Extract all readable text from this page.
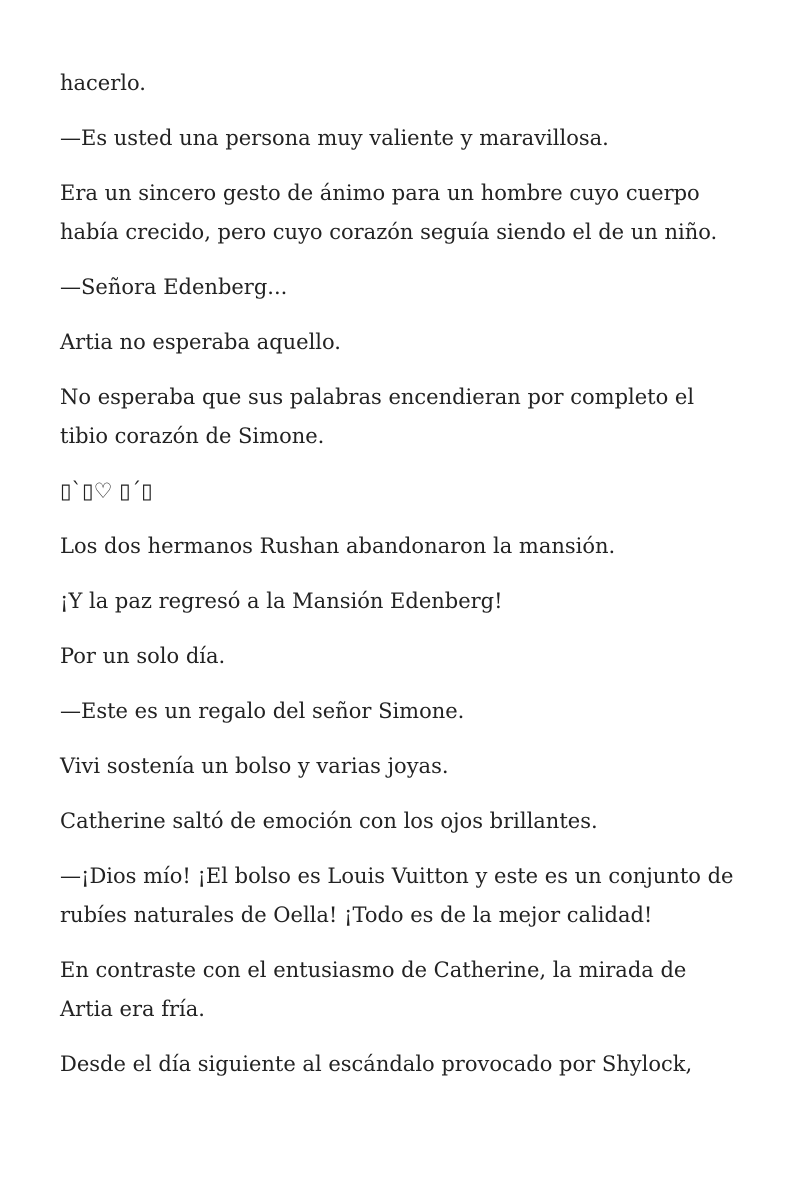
hacerlo.

—Es usted una persona muy valiente y maravillosa.

Era un sincero gesto de ánimo para un hombre cuyo cuerpo había crecido, pero cuyo corazón seguía siendo el de un niño.

—Señora Edenberg...

Artia no esperaba aquello.

No esperaba que sus palabras encendieran por completo el tibio corazón de Simone.

▯`▯♡ ▯´▯

Los dos hermanos Rushan abandonaron la mansión.

¡Y la paz regresó a la Mansión Edenberg!

Por un solo día.

—Este es un regalo del señor Simone.

Vivi sostenía un bolso y varias joyas.

Catherine saltó de emoción con los ojos brillantes.

—¡Dios mío! ¡El bolso es Louis Vuitton y este es un conjunto de rubíes naturales de Oella! ¡Todo es de la mejor calidad!

En contraste con el entusiasmo de Catherine, la mirada de Artia era fría.

Desde el día siguiente al escándalo provocado por Shylock,
